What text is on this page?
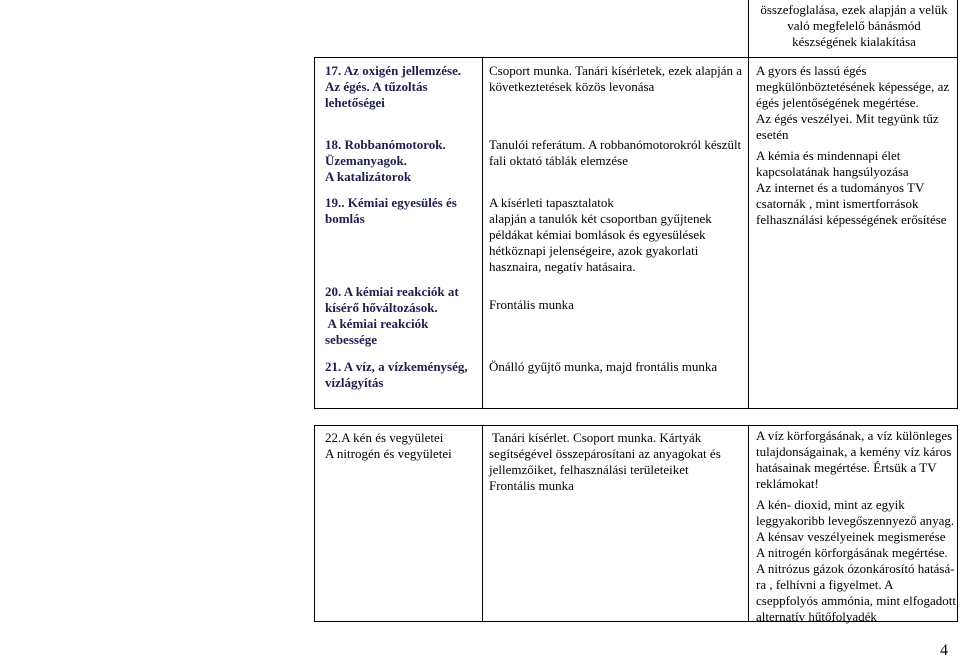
összefoglalása, ezek alapján a velük
való megfelelő bánásmód
készségének kialakítása
17. Az oxigén jellemzése.
Az égés. A tűzoltás
lehetőségei
18. Robbanómotorok.
Üzemanyagok.
A katalizátorok
19.. Kémiai egyesülés és
bomlás
Csoport munka. Tanári kísérletek, ezek alapján a
következtetések közös levonása
Tanulói referátum. A robbanómotorokról készült
fali oktató táblák elemzése
A kísérleti tapasztalatok
alapján a tanulók két csoportban gyűjtenek
példákat kémiai bomlások és egyesülések
hétköznapi jelenségeire, azok gyakorlati
hasznaira, negatív hatásaira.
A gyors és lassú égés
megkülönböztetésének képessége, az
égés jelentőségének megértése.
Az égés veszélyei. Mit tegyünk tűz
esetén
A kémia és mindennapi élet
kapcsolatának hangsúlyozása
Az internet és a tudományos TV
csatornák , mint ismertforrások
felhasználási képességének erősítése
20. A kémiai reakciók at
kísérő hőváltozások.
A kémiai reakciók
sebessége
21. A víz, a vízkeménység,
vízlágyítás
Frontális munka
Önálló gyűjtő munka, majd frontális munka
22.A kén és vegyületei
A nitrogén és vegyületei
Tanári kísérlet. Csoport munka. Kártyák
segítségével összepárosítani az anyagokat és
jellemzőiket, felhasználási területeiket
Frontális munka
A víz körforgásának, a víz különleges
tulajdonságainak, a kemény víz káros
hatásainak megértése. Értsük a TV
reklámokat!
A kén- dioxid, mint az egyik
leggyakoribb levegőszennyező anyag.
A kénsav veszélyeinek megismerése
A nitrogén körforgásának megértése.
A nitrózus gázok ózonkárosító hatásá-
ra , felhívni a figyelmet. A
cseppfolyós ammónia, mint elfogadott
alternatív hűtőfolyadék
4
